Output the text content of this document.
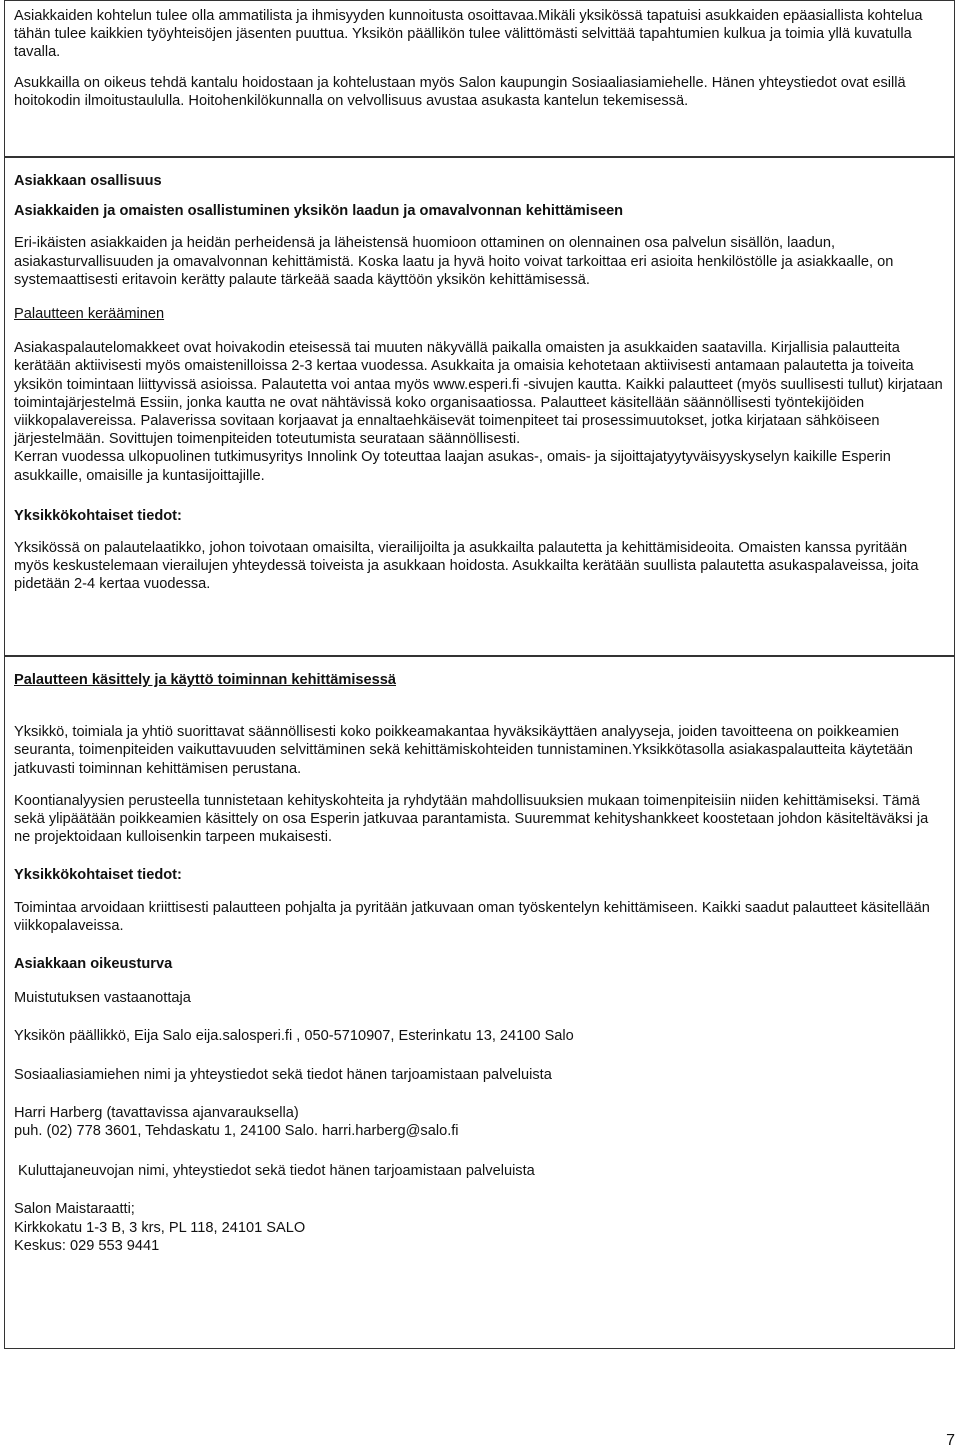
Asiakkaiden kohtelun tulee olla ammatilista ja ihmisyyden kunnoitusta osoittavaa.Mikäli yksikössä tapatuisi asukkaiden epäasiallista kohtelua tähän tulee kaikkien työyhteisöjen jäsenten puuttua. Yksikön päällikön tulee välittömästi selvittää tapahtumien kulkua ja toimia yllä kuvatulla tavalla.

Asukkailla on oikeus tehdä kantalu hoidostaan ja kohtelustaan myös Salon kaupungin Sosiaaliasiamiehelle. Hänen yhteystiedot ovat esillä hoitokodin ilmoitustaululla. Hoitohenkilökunnalla on velvollisuus avustaa asukasta kantelun tekemisessä.

Asiakkaan osallisuus

Asiakkaiden ja omaisten osallistuminen yksikön laadun ja omavalvonnan kehittämiseen

Eri-ikäisten asiakkaiden ja heidän perheidensä ja läheistensä huomioon ottaminen on olennainen osa palvelun sisällön, laadun, asiakasturvallisuuden ja omavalvonnan kehittämistä. Koska laatu ja hyvä hoito voivat tarkoittaa eri asioita henkilöstölle ja asiakkaalle, on systemaattisesti eritavoin kerätty palaute tärkeää saada käyttöön yksikön kehittämisessä.

Palautteen kerääminen

Asiakaspalautelomakkeet ovat hoivakodin eteisessä tai muuten näkyvällä paikalla omaisten ja asukkaiden saatavilla. Kirjallisia palautteita kerätään aktiivisesti myös omaistenilloissa 2-3 kertaa vuodessa. Asukkaita ja omaisia kehotetaan aktiivisesti antamaan palautetta ja toiveita yksikön toimintaan liittyvissä asioissa. Palautetta voi antaa myös www.esperi.fi -sivujen kautta. Kaikki palautteet (myös suullisesti tullut) kirjataan toimintajärjestelmä Essiin, jonka kautta ne ovat nähtävissä koko organisaatiossa. Palautteet käsitellään säännöllisesti työntekijöiden viikkopalavereissa. Palaverissa sovitaan korjaavat ja ennaltaehkäisevät toimenpiteet tai prosessimuutokset, jotka kirjataan sähköiseen järjestelmään. Sovittujen toimenpiteiden toteutumista seurataan säännöllisesti.

Kerran vuodessa ulkopuolinen tutkimusyritys Innolink Oy toteuttaa laajan asukas-, omais- ja sijoittajatyytyväisyyskyselyn kaikille Esperin asukkaille, omaisille ja kuntasijoittajille.

Yksikkökohtaiset tiedot:

Yksikössä on palautelaatikko, johon toivotaan omaisilta, vierailijoilta ja asukkailta palautetta ja kehittämisideoita. Omaisten kanssa pyritään myös keskustelemaan vierailujen yhteydessä toiveista ja asukkaan hoidosta. Asukkailta kerätään suullista palautetta asukaspalaveissa, joita pidetään 2-4 kertaa vuodessa.

Palautteen käsittely ja käyttö toiminnan kehittämisessä

Yksikkö, toimiala ja yhtiö suorittavat säännöllisesti koko poikkeamakantaa hyväksikäyttäen analyyseja, joiden tavoitteena on poikkeamien seuranta, toimenpiteiden vaikuttavuuden selvittäminen sekä kehittämiskohteiden tunnistaminen.Yksikkötasolla asiakaspalautteita käytetään jatkuvasti toiminnan kehittämisen perustana.

Koontianalyysien perusteella tunnistetaan kehityskohteita ja ryhdytään mahdollisuuksien mukaan toimenpiteisiin niiden kehittämiseksi. Tämä sekä ylipäätään poikkeamien käsittely on osa Esperin jatkuvaa parantamista. Suuremmat kehityshankkeet koostetaan johdon käsiteltäväksi ja ne projektoidaan kulloisenkin tarpeen mukaisesti.

Yksikkökohtaiset tiedot:

Toimintaa arvoidaan kriittisesti palautteen pohjalta ja pyritään jatkuvaan oman työskentelyn kehittämiseen. Kaikki saadut palautteet käsitellään viikkopalaveissa.

Asiakkaan oikeusturva

Muistutuksen vastaanottaja

Yksikön päällikkö, Eija Salo eija.salosperi.fi , 050-5710907, Esterinkatu 13, 24100 Salo

Sosiaaliasiamiehen nimi ja yhteystiedot sekä tiedot hänen tarjoamistaan palveluista

Harri Harberg (tavattavissa ajanvarauksella)

puh. (02) 778 3601, Tehdaskatu 1, 24100 Salo. harri.harberg@salo.fi

Kuluttajaneuvojan nimi, yhteystiedot sekä tiedot hänen tarjoamistaan palveluista

Salon Maistaraatti;

Kirkkokatu 1-3 B, 3 krs, PL 118, 24101 SALO

Keskus: 029 553 9441

7
